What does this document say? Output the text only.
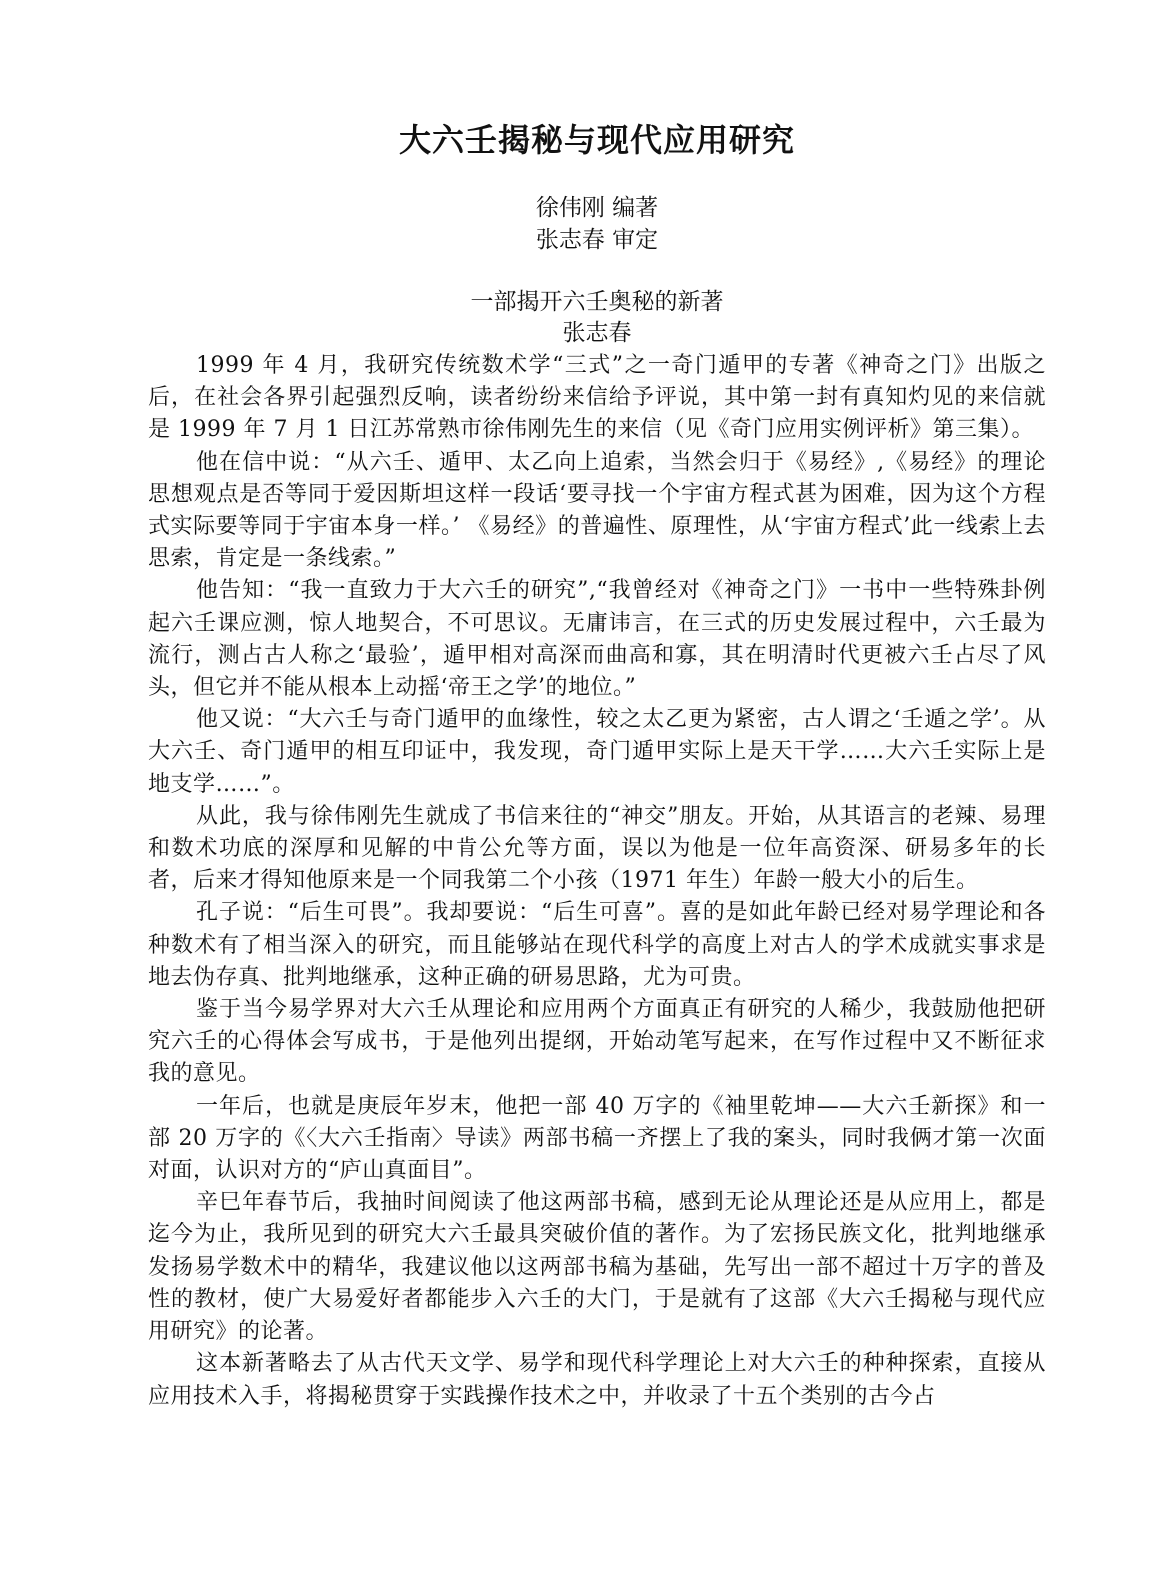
大六壬揭秘与现代应用研究
徐伟刚 编著
张志春 审定
一部揭开六壬奥秘的新著
张志春

1999 年 4 月，我研究传统数术学“三式”之一奇门遁甲的专著《神奇之门》出版之后，在社会各界引起强烈反响，读者纷纷来信给予评说，其中第一封有真知灼见的来信就是 1999 年 7 月 1 日江苏常熟市徐伟刚先生的来信（见《奇门应用实例评析》第三集）。

他在信中说：“从六壬、遁甲、太乙向上追索，当然会归于《易经》,《易经》的理论思想观点是否等同于爱因斯坦这样一段话‘要寻找一个宇宙方程式甚为困难，因为这个方程式实际要等同于宇宙本身一样。’ 《易经》的普遍性、原理性，从‘宇宙方程式’此一线索上去思索，肯定是一条线索。”

他告知：“我一直致力于大六壬的研究”,“我曾经对《神奇之门》一书中一些特殊卦例起六壬课应测，惊人地契合，不可思议。无庸讳言，在三式的历史发展过程中，六壬最为流行，测占古人称之‘最验’，遁甲相对高深而曲高和寡，其在明清时代更被六壬占尽了风头，但它并不能从根本上动摇‘帝王之学’的地位。”

他又说：“大六壬与奇门遁甲的血缘性，较之太乙更为紧密，古人谓之‘壬遁之学’。从大六壬、奇门遁甲的相互印证中，我发现，奇门遁甲实际上是天干学……大六壬实际上是地支学……”。

从此，我与徐伟刚先生就成了书信来往的“神交”朋友。开始，从其语言的老辣、易理和数术功底的深厚和见解的中肯公允等方面，误以为他是一位年高资深、研易多年的长者，后来才得知他原来是一个同我第二个小孩（1971 年生）年龄一般大小的后生。

孔子说：“后生可畏”。我却要说：“后生可喜”。喜的是如此年龄已经对易学理论和各种数术有了相当深入的研究，而且能够站在现代科学的高度上对古人的学术成就实事求是地去伪存真、批判地继承，这种正确的研易思路，尤为可贵。

鉴于当今易学界对大六壬从理论和应用两个方面真正有研究的人稀少，我鼓励他把研究六壬的心得体会写成书，于是他列出提纲，开始动笔写起来，在写作过程中又不断征求我的意见。

一年后，也就是庚辰年岁末，他把一部 40 万字的《袖里乾坤——大六壬新探》和一部 20 万字的《〈大六壬指南〉导读》两部书稿一齐摆上了我的案头，同时我俩才第一次面对面，认识对方的“庐山真面目”。

辛巳年春节后，我抽时间阅读了他这两部书稿，感到无论从理论还是从应用上，都是迄今为止，我所见到的研究大六壬最具突破价值的著作。为了宏扬民族文化，批判地继承发扬易学数术中的精华，我建议他以这两部书稿为基础，先写出一部不超过十万字的普及性的教材，使广大易爱好者都能步入六壬的大门，于是就有了这部《大六壬揭秘与现代应用研究》的论著。

这本新著略去了从古代天文学、易学和现代科学理论上对大六壬的种种探索，直接从应用技术入手，将揭秘贯穿于实践操作技术之中，并收录了十五个类别的古今占
